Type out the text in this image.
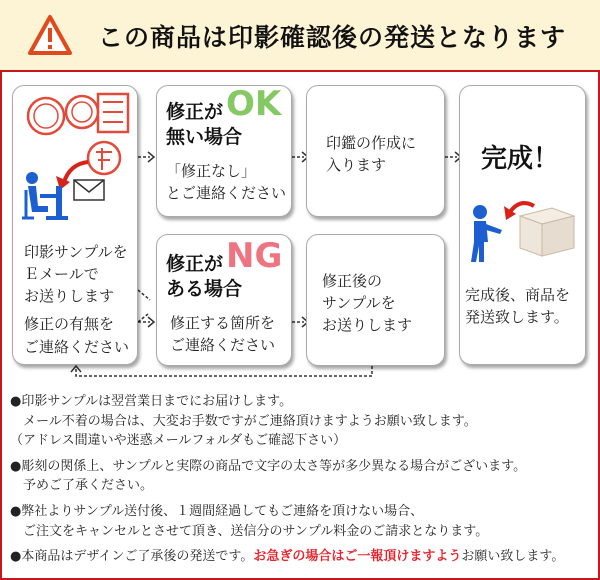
この商品は印影確認後の発送となります
印影サンプルを
Ｅメールで
お送りします
修正の有無を
ご連絡ください
OK
修正が
無い場合
「修正なし」
とご連絡ください
NG
修正が
ある場合
修正する箇所を
ご連絡ください
印鑑の作成に
入ります
修正後の
サンプルを
お送りします
完成！
完成後、商品を
発送致します。

●印影サンプルは翌営業日までにお届けします。

メール不着の場合は、大変お手数ですがご連絡頂けますようお願い致します。

（アドレス間違いや迷惑メールフォルダもご確認下さい）

●彫刻の関係上、サンプルと実際の商品で文字の太さ等が多少異なる場合がございます。

予めご了承ください。

●弊社よりサンプル送付後、１週間経過してもご連絡を頂けない場合、

ご注文をキャンセルとさせて頂き、送信分のサンプル料金のご請求となります。

●本商品はデザインご了承後の発送です。お急ぎの場合はご一報頂けますようお願い致します。
